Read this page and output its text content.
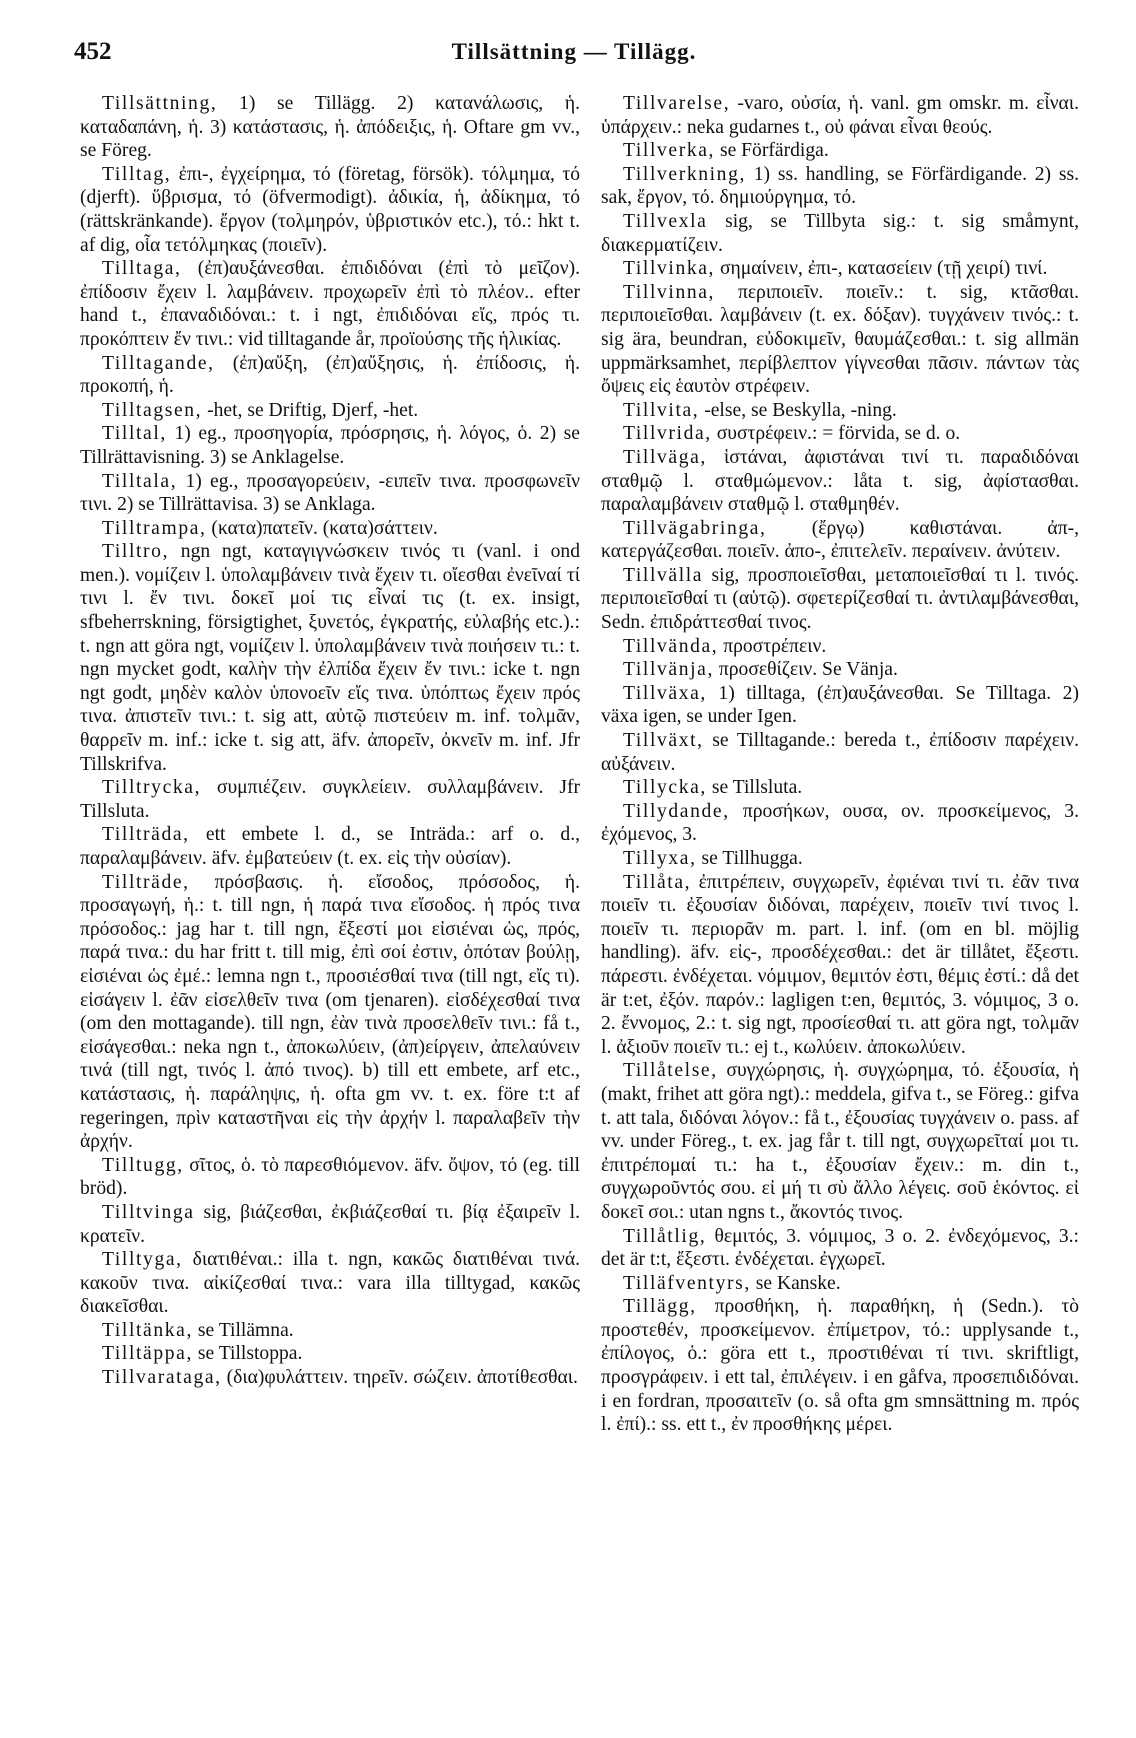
452	Tillsättning — Tillägg.

Tillsättning, 1) se Tillägg. 2) κατανάλωσις, ἡ. καταδαπάνη, ἡ. 3) κατάστασις, ἡ. ἀπόδειξις, ἡ. Oftare gm vv., se Föreg.

Tilltag, ἐπι-, ἐγχείρημα, τό (företag, försök). τόλμημα, τό (djerft). ὕβρισμα, τό (öfvermodigt). ἀδικία, ἡ, ἀδίκημα, τό (rättskränkande). ἔργον (τολμηρόν, ὑβριστικόν etc.), τό.: hkt t. af dig, οἷα τετόλμηκας (ποιεῖν).

Tilltaga, (ἐπ)αυξάνεσθαι. ἐπιδιδόναι (ἐπὶ τὸ μεῖζον). ἐπίδοσιν ἔχειν l. λαμβάνειν. προχωρεῖν ἐπὶ τὸ πλέον.. efter hand t., ἐπαναδιδόναι.: t. i ngt, ἐπιδιδόναι εἴς, πρός τι. προκόπτειν ἔν τινι.: vid tilltagande år, προϊούσης τῆς ἡλικίας.

Tilltagande, (ἐπ)αὔξη, (ἐπ)αὔξησις, ἡ. ἐπίδοσις, ἡ. προκοπή, ἡ.

Tilltagsen, -het, se Driftig, Djerf, -het.

Tilltal, 1) eg., προσηγορία, πρόσρησις, ἡ. λόγος, ὁ. 2) se Tillrättavisning. 3) se Anklagelse.

Tilltala, 1) eg., προσαγορεύειν, -ειπεῖν τινα. προσφωνεῖν τινι. 2) se Tillrättavisa. 3) se Anklaga.

Tilltrampa, (κατα)πατεῖν. (κατα)σάττειν.

Tilltro, ngn ngt, καταγιγνώσκειν τινός τι (vanl. i ond men.). νομίζειν l. ὑπολαμβάνειν τινὰ ἔχειν τι. οἴεσθαι ἐνεῖναί τί τινι l. ἔν τινι. δοκεῖ μοί τις εἶναί τις (t. ex. insigt, sfbeherrskning, försigtighet, ξυνετός, ἐγκρατής, εὐλαβής etc.).: t. ngn att göra ngt, νομίζειν l. ὑπολαμβάνειν τινὰ ποιήσειν τι.: t. ngn mycket godt, καλὴν τὴν ἐλπίδα ἔχειν ἔν τινι.: icke t. ngn ngt godt, μηδὲν καλὸν ὑπονοεῖν εἴς τινα. ὑπόπτως ἔχειν πρός τινα. ἀπιστεῖν τινι.: t. sig att, αὐτῷ πιστεύειν m. inf. τολμᾶν, θαρρεῖν m. inf.: icke t. sig att, äfv. ἀπορεῖν, ὀκνεῖν m. inf. Jfr Tillskrifva.

Tilltrycka, συμπιέζειν. συγκλείειν. συλλαμβάνειν. Jfr Tillsluta.

Tillträda, ett embete l. d., se Inträda.: arf o. d., παραλαμβάνειν. äfv. ἐμβατεύειν (t. ex. εἰς τὴν οὐσίαν).

Tillträde, πρόσβασις. ἡ. εἴσοδος, πρόσοδος, ἡ. προσαγωγή, ἡ.: t. till ngn, ἡ παρά τινα εἴσοδος. ἡ πρός τινα πρόσοδος.: jag har t. till ngn, ἔξεστί μοι εἰσιέναι ὡς, πρός, παρά τινα.: du har fritt t. till mig, ἐπὶ σοί ἐστιν, ὁπόταν βούλῃ, εἰσιέναι ὡς ἐμέ.: lemna ngn t., προσιέσθαί τινα (till ngt, εἴς τι). εἰσάγειν l. ἐᾶν εἰσελθεῖν τινα (om tjenaren). εἰσδέχεσθαί τινα (om den mottagande). till ngn, ἐὰν τινὰ προσελθεῖν τινι.: få t., εἰσάγεσθαι.: neka ngn t., ἀποκωλύειν, (ἀπ)είργειν, ἀπελαύνειν τινά (till ngt, τινός l. ἀπό τινος). b) till ett embete, arf etc., κατάστασις, ἡ. παράληψις, ἡ. ofta gm vv. t. ex. före t:t af regeringen, πρὶν καταστῆναι εἰς τὴν ἀρχήν l. παραλαβεῖν τὴν ἀρχήν.

Tilltugg, σῖτος, ὁ. τὸ παρεσθιόμενον. äfv. ὄψον, τό (eg. till bröd).

Tilltvinga sig, βιάζεσθαι, ἐκβιάζεσθαί τι. βίᾳ ἐξαιρεῖν l. κρατεῖν.

Tilltyga, διατιθέναι.: illa t. ngn, κακῶς διατιθέναι τινά. κακοῦν τινα. αἰκίζεσθαί τινα.: vara illa tilltygad, κακῶς διακεῖσθαι.

Tilltänka, se Tillämna.

Tilltäppa, se Tillstoppa.

Tillvarataga, (δια)φυλάττειν. τηρεῖν. σώζειν. ἀποτίθεσθαι.

Tillvarelse, -varo, οὐσία, ἡ. vanl. gm omskr. m. εἶναι. ὑπάρχειν.: neka gudarnes t., οὐ φάναι εἶναι θεούς.

Tillverka, se Förfärdiga.

Tillverkning, 1) ss. handling, se Förfärdigande. 2) ss. sak, ἔργον, τό. δημιούργημα, τό.

Tillvexla sig, se Tillbyta sig.: t. sig småmynt, διακερματίζειν.

Tillvinka, σημαίνειν, ἐπι-, κατασείειν (τῇ χειρί) τινί.

Tillvinna, περιποιεῖν. ποιεῖν.: t. sig, κτᾶσθαι. περιποιεῖσθαι. λαμβάνειν (t. ex. δόξαν). τυγχάνειν τινός.: t. sig ära, beundran, εὐδοκιμεῖν, θαυμάζεσθαι.: t. sig allmän uppmärksamhet, περίβλεπτον γίγνεσθαι πᾶσιν. πάντων τὰς ὄψεις εἰς ἑαυτὸν στρέφειν.

Tillvita, -else, se Beskylla, -ning.

Tillvrida, συστρέφειν.: = förvida, se d. o.

Tillväga, ἱστάναι, ἀφιστάναι τινί τι. παραδιδόναι σταθμῷ l. σταθμώμενον.: låta t. sig, ἀφίστασθαι. παραλαμβάνειν σταθμῷ l. σταθμηθέν.

Tillvägabringa, (ἔργῳ) καθιστάναι. ἀπ-, κατεργάζεσθαι. ποιεῖν. ἀπο-, ἐπιτελεῖν. περαίνειν. ἀνύτειν.

Tillvälla sig, προσποιεῖσθαι, μεταποιεῖσθαί τι l. τινός. περιποιεῖσθαί τι (αὑτῷ). σφετερίζεσθαί τι. ἀντιλαμβάνεσθαι, Sedn. ἐπιδράττεσθαί τινος.

Tillvända, προστρέπειν.

Tillvänja, προσεθίζειν. Se Vänja.

Tillväxa, 1) tilltaga, (ἐπ)αυξάνεσθαι. Se Tilltaga. 2) växa igen, se under Igen.

Tillväxt, se Tilltagande.: bereda t., ἐπίδοσιν παρέχειν. αὐξάνειν.

Tillycka, se Tillsluta.

Tillydande, προσήκων, ουσα, ον. προσκείμενος, 3. ἐχόμενος, 3.

Tillyxa, se Tillhugga.

Tillåta, ἐπιτρέπειν, συγχωρεῖν, ἐφιέναι τινί τι. ἐᾶν τινα ποιεῖν τι. ἐξουσίαν διδόναι, παρέχειν, ποιεῖν τινί τινος l. ποιεῖν τι. περιορᾶν m. part. l. inf. (om en bl. möjlig handling). äfv. εἰς-, προσδέχεσθαι.: det är tillåtet, ἔξεστι. πάρεστι. ἐνδέχεται. νόμιμον, θεμιτόν ἐστι, θέμις ἐστί.: då det är t:et, ἐξόν. παρόν.: lagligen t:en, θεμιτός, 3. νόμιμος, 3 o. 2. ἔννομος, 2.: t. sig ngt, προσίεσθαί τι. att göra ngt, τολμᾶν l. ἀξιοῦν ποιεῖν τι.: ej t., κωλύειν. ἀποκωλύειν.

Tillåtelse, συγχώρησις, ἡ. συγχώρημα, τό. ἐξουσία, ἡ (makt, frihet att göra ngt).: meddela, gifva t., se Föreg.: gifva t. att tala, διδόναι λόγον.: få t., ἐξουσίας τυγχάνειν o. pass. af vv. under Föreg., t. ex. jag får t. till ngt, συγχωρεῖταί μοι τι. ἐπιτρέπομαί τι.: ha t., ἐξουσίαν ἔχειν.: m. din t., συγχωροῦντός σου. εἰ μή τι σὺ ἄλλο λέγεις. σοῦ ἑκόντος. εἰ δοκεῖ σοι.: utan ngns t., ἄκοντός τινος.

Tillåtlig, θεμιτός, 3. νόμιμος, 3 o. 2. ἐνδεχόμενος, 3.: det är t:t, ἔξεστι. ἐνδέχεται. ἐγχωρεῖ.

Tilläfventyrs, se Kanske.

Tillägg, προσθήκη, ἡ. παραθήκη, ἡ (Sedn.). τὸ προστεθέν, προσκείμενον. ἐπίμετρον, τό.: upplysande t., ἐπίλογος, ὁ.: göra ett t., προστιθέναι τί τινι. skriftligt, προσγράφειν. i ett tal, ἐπιλέγειν. i en gåfva, προσεπιδιδόναι. i en fordran, προσαιτεῖν (o. så ofta gm smnsättning m. πρός l. ἐπί).: ss. ett t., ἐν προσθήκης μέρει.
